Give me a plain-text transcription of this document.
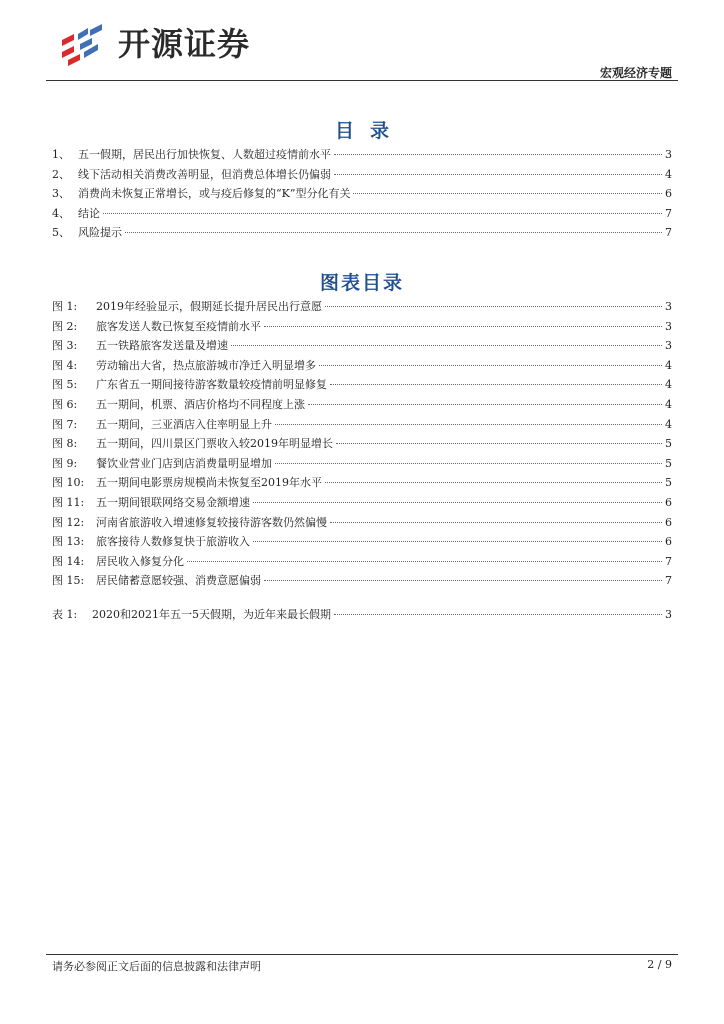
开源证券
宏观经济专题
目录
1、 五一假期，居民出行加快恢复、人数超过疫情前水平	3
2、 线下活动相关消费改善明显，但消费总体增长仍偏弱	4
3、 消费尚未恢复正常增长，或与疫后修复的“K”型分化有关	6
4、 结论	7
5、 风险提示	7
图表目录
图 1:	2019年经验显示，假期延长提升居民出行意愿	3
图 2:	旅客发送人数已恢复至疫情前水平	3
图 3:	五一铁路旅客发送量及增速	3
图 4:	劳动输出大省，热点旅游城市净迁入明显增多	4
图 5:	广东省五一期间接待游客数量较疫情前明显修复	4
图 6:	五一期间，机票、酒店价格均不同程度上涨	4
图 7:	五一期间，三亚酒店入住率明显上升	4
图 8:	五一期间，四川景区门票收入较2019年明显增长	5
图 9:	餐饮业营业门店到店消费量明显增加	5
图 10:	五一期间电影票房规模尚未恢复至2019年水平	5
图 11:	五一期间银联网络交易金额增速	6
图 12:	河南省旅游收入增速修复较接待游客数仍然偏慢	6
图 13:	旅客接待人数修复快于旅游收入	6
图 14:	居民收入修复分化	7
图 15:	居民储蓄意愿较强、消费意愿偏弱	7
表 1:	2020和2021年五一5天假期，为近年来最长假期	3
请务必参阅正文后面的信息披露和法律声明	2 / 9
